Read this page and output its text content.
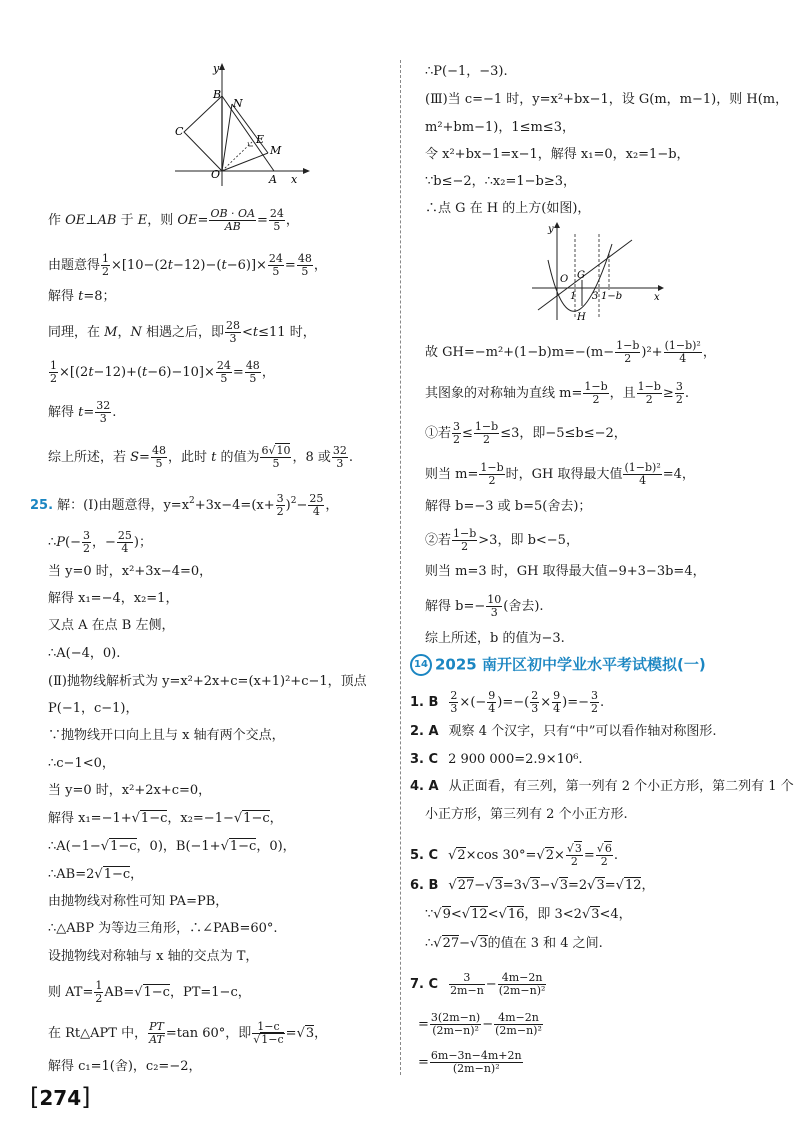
y
x
B
N
C
E
M
O	A
作 OE⊥AB 于 E，则 $OE= \frac{OB \cdot OA}{AB} = \frac{24}{5}$ ，
由题意得 $\frac{1}{2} \times[10-(2t-12)-(t-6)]\times \frac{24}{5} = \frac{48}{5}$ ，
解得 t=8；
同理，在 M，N 相遇之后，即 $\frac{28}{3} <t\le 11$ 时，
$\frac{1}{2} \times[(2t-12)+(t-6)-10]\times \frac{24}{5} = \frac{48}{5}$ ，
解得 $t= \frac{32}{3}$ .
综上所述，若 $S= \frac{48}{5}$ ，此时 t 的值为 $\frac{6√10}{5}$ ，8 或 $\frac{32}{3}$ .
25. 解：(Ⅰ)由题意得，$y=x^2+3x-4=(x+ \frac{3}{2} )^2- \frac{25}{4}$ ，
∴P(− $\frac{3}{2}$ ，− $\frac{25}{4}$ )；
当 y=0 时，x²+3x−4=0，
解得 x₁=−4，x₂=1，
又点 A 在点 B 左侧，
∴A(−4，0).
(Ⅱ)抛物线解析式为 y=x²+2x+c=(x+1)²+c−1，顶点
P(−1，c−1)，
∵抛物线开口向上且与 x 轴有两个交点，
∴c−1<0，
当 y=0 时，x²+2x+c=0，
解得 x₁=−1+√1−c，x₂=−1−√1−c，
∴A(−1−√1−c，0)，B(−1+√1−c，0)，
∴AB=2√1−c，
由抛物线对称性可知 PA=PB，
∴△ABP 为等边三角形，∴∠PAB=60°.
设抛物线对称轴与 x 轴的交点为 T，
则 $AT= \frac{1}{2} AB=√1-c$，PT=1−c，
在 Rt△APT 中， $\frac{PT}{AT} =\tan$ 60°，即 $\frac{1-c}{√1-c} =√3$，
解得 c₁=1(舍)，c₂=−2，
[274]
∴P(−1，−3).
(Ⅲ)当 c=−1 时，y=x²+bx−1，设 G(m，m−1)，则 H(m，
m²+bm−1)，1≤m≤3，
令 x²+bx−1=x−1，解得 x₁=0，x₂=1−b，
∵b≤−2，∴x₂=1−b≥3，
∴点 G 在 H 的上方(如图)，
y
x
G
O
1 3 1−b
H
故 $GH=-m^2+(1-b)m=-(m- \frac{1-b}{2} )^2+ \frac{\text{(1−b)²}}{4}$ ，
其图象的对称轴为直线 $m= \frac{1-b}{2}$ ，且 $\frac{1-b}{2} \ge \frac{3}{2}$ .
①若 $\frac{3}{2} \le \frac{1-b}{2} \le 3$，即−5≤b≤−2，
则当 $m= \frac{1-b}{2}$ 时，GH 取得最大值 $\frac{\text{(1−b)²}}{4} =4$，
解得 b=−3 或 b=5(舍去)；
②若 $\frac{1-b}{2} >3$，即 b<−5，
则当 m=3 时，GH 取得最大值−9+3−3b=4，
解得 $b=- \frac{10}{3}$ (舍去).
综上所述，b 的值为−3.
14 2025 南开区初中学业水平考试模拟(一)
1. B $\frac{2}{3}$ ×(− $\frac{9}{4}$ )=−( $\frac{2}{3} \times \frac{9}{4}$ )=− $\frac{3}{2}$ .
2. A 观察 4 个汉字，只有“中”可以看作轴对称图形.
3. C 2 900 000=2.9×10⁶.
4. A 从正面看，有三列，第一列有 2 个小正方形，第二列有 1 个
小正方形，第三列有 2 个小正方形.
5. C √2×cos $30^\circ=√2\times \frac{√3}{2} = \frac{√6}{2}$ .
6. B √27−√3=3√3−√3=2√3=√12，
∵√9<√12<√16，即 3<2√3<4，
∴√27−√3的值在 3 和 4 之间.
7. C $\frac{3}{2m-n} - \frac{4m-2n}{\text{(2m−n)²}}$
= $\frac{3(2m-n)}{\text{(2m−n)²}} - \frac{4m-2n}{\text{(2m−n)²}}$
= $\frac{6m-3n-4m+2n}{\text{(2m−n)²}}$
